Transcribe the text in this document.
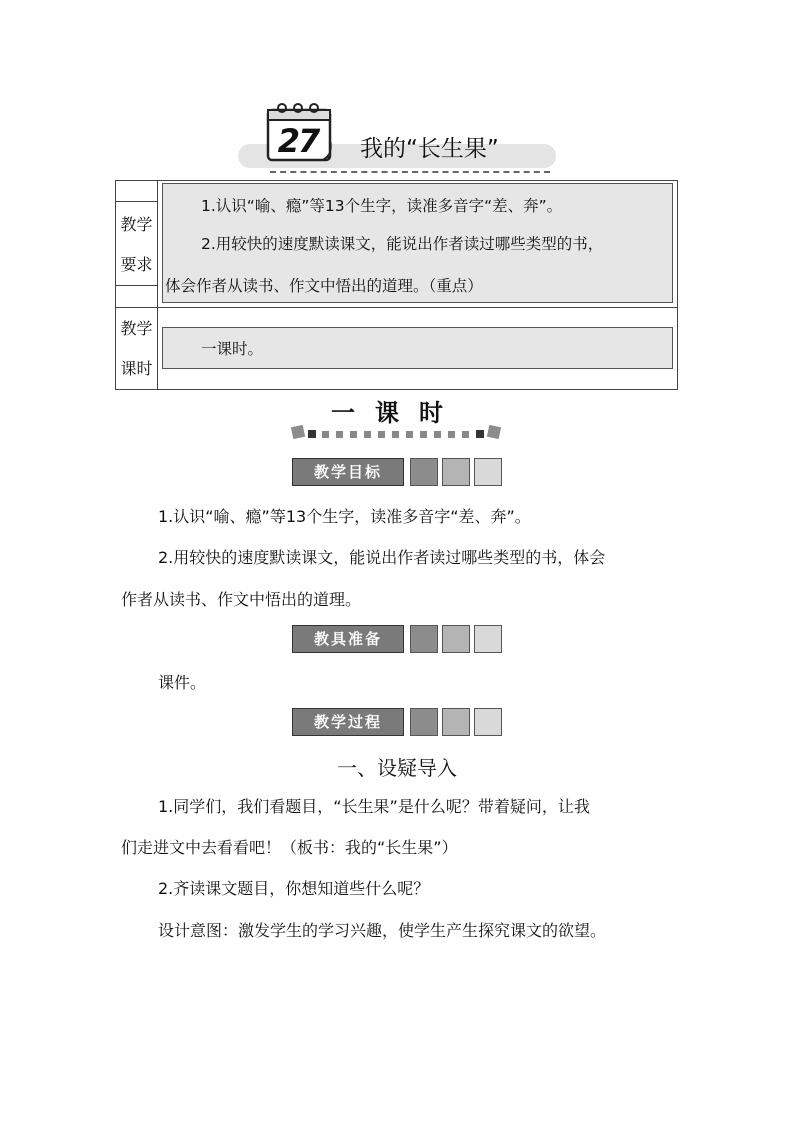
27 我的“长生果”
教学
要求
1.认识“喻、瘾”等13个生字，读准多音字“差、奔”。
2.用较快的速度默读课文，能说出作者读过哪些类型的书，
体会作者从读书、作文中悟出的道理。（重点）
教学
课时
一课时。
一课时
教学目标
1.认识“喻、瘾”等13个生字，读准多音字“差、奔”。
2.用较快的速度默读课文，能说出作者读过哪些类型的书，体会
作者从读书、作文中悟出的道理。
教具准备
课件。
教学过程
一、设疑导入
1.同学们，我们看题目，“长生果”是什么呢？带着疑问，让我
们走进文中去看看吧！（板书：我的“长生果”）
2.齐读课文题目，你想知道些什么呢？
设计意图：激发学生的学习兴趣，使学生产生探究课文的欲望。
